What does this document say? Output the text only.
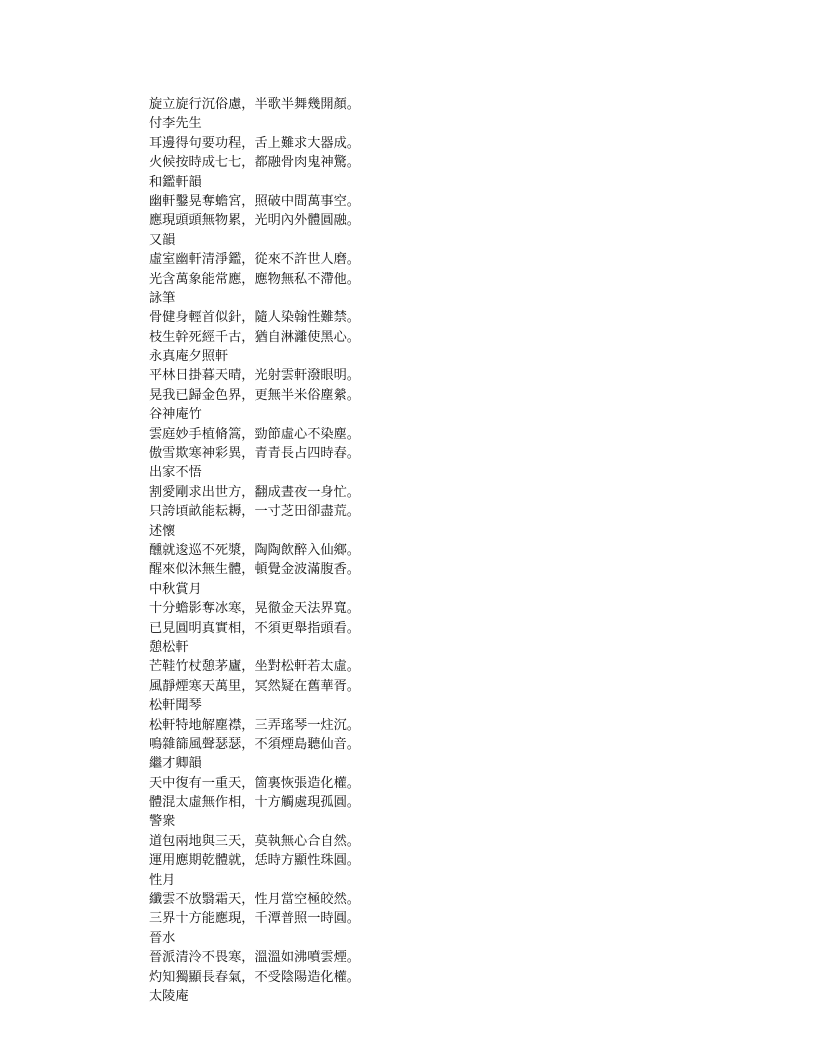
旋立旋行沉俗慮，半歌半舞幾開顏。
付李先生
耳邊得句要功程，舌上難求大器成。
火候按時成七七，都融骨肉鬼神驚。
和鑑軒韻
幽軒鑿晃奪蟾宮，照破中間萬事空。
應現頭頭無物累，光明內外體圓融。
又韻
虛室幽軒清淨鑑，從來不許世人磨。
光含萬象能常應，應物無私不滯他。
詠筆
骨健身輕首似針，隨人染翰性難禁。
枝生幹死經千古，猶自淋灕使黑心。
永真庵夕照軒
平林日掛暮天晴，光射雲軒潑眼明。
晃我已歸金色界，更無半米俗塵縈。
谷神庵竹
雲庭妙手植脩篙，勁節虛心不染塵。
傲雪欺寒神彩異，青青長占四時春。
出家不悟
割愛剛求出世方，翻成晝夜一身忙。
只誇頃畝能耘耨，一寸芝田卻盡荒。
述懷
醺就逡巡不死漿，陶陶飲醉入仙鄉。
醒來似沐無生體，頓覺金波滿腹香。
中秋賞月
十分蟾影奪冰寒，晃徹金天法界寬。
已見圓明真實相，不須更舉指頭看。
憩松軒
芒鞋竹杖憩茅廬，坐對松軒若太虛。
風靜煙寒天萬里，冥然疑在舊華胥。
松軒聞琴
松軒特地解塵襟，三弄瑤琴一炷沉。
鳴雜篩風聲瑟瑟，不須煙島聽仙音。
繼才卿韻
天中復有一重天，箇裏恢張造化權。
體混太虛無作相，十方觸處現孤圓。
警衆
道包兩地與三天，莫執無心合自然。
運用應期乾體就，恁時方顯性珠圓。
性月
纖雲不放翳霜天，性月當空極皎然。
三界十方能應現，千潭普照一時圓。
晉水
晉派清泠不畏寒，溫溫如沸噴雲煙。
灼知獨顯長春氣，不受陰陽造化權。
太陵庵
